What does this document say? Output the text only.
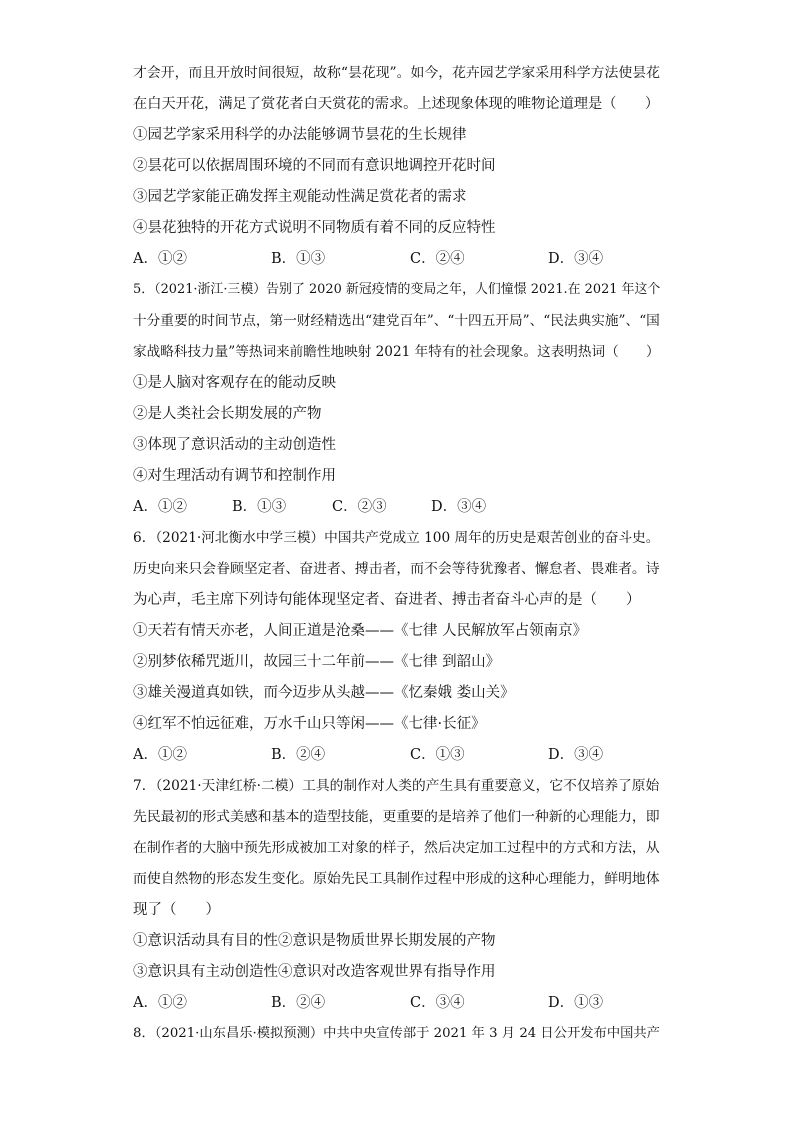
才会开，而且开放时间很短，故称“昙花现”。如今，花卉园艺学家采用科学方法使昙花
在白天开花，满足了赏花者白天赏花的需求。上述现象体现的唯物论道理是（　　）
①园艺学家采用科学的办法能够调节昙花的生长规律
②昙花可以依据周围环境的不同而有意识地调控开花时间
③园艺学家能正确发挥主观能动性满足赏花者的需求
④昙花独特的开花方式说明不同物质有着不同的反应特性
A．①②	B．①③	C．②④	D．③④
5．（2021·浙江·三模）告别了 2020 新冠疫情的变局之年，人们憧憬 2021.在 2021 年这个
十分重要的时间节点，第一财经精选出“建党百年”、“十四五开局”、“民法典实施”、“国
家战略科技力量”等热词来前瞻性地映射 2021 年特有的社会现象。这表明热词（　　）
①是人脑对客观存在的能动反映
②是人类社会长期发展的产物
③体现了意识活动的主动创造性
④对生理活动有调节和控制作用
A．①②	B．①③	C．②③	D．③④
6．（2021·河北衡水中学三模）中国共产党成立 100 周年的历史是艰苦创业的奋斗史。
历史向来只会眷顾坚定者、奋进者、搏击者，而不会等待犹豫者、懈怠者、畏难者。诗
为心声，毛主席下列诗句能体现坚定者、奋进者、搏击者奋斗心声的是（　　）
①天若有情天亦老，人间正道是沧桑——《七律 人民解放军占领南京》
②别梦依稀咒逝川，故园三十二年前——《七律 到韶山》
③雄关漫道真如铁，而今迈步从头越——《忆秦娥 娄山关》
④红军不怕远征难，万水千山只等闲——《七律·长征》
A．①②	B．②④	C．①③	D．③④
7．（2021·天津红桥·二模）工具的制作对人类的产生具有重要意义，它不仅培养了原始
先民最初的形式美感和基本的造型技能，更重要的是培养了他们一种新的心理能力，即
在制作者的大脑中预先形成被加工对象的样子，然后决定加工过程中的方式和方法，从
而使自然物的形态发生变化。原始先民工具制作过程中形成的这种心理能力，鲜明地体
现了（　　）
①意识活动具有目的性②意识是物质世界长期发展的产物
③意识具有主动创造性④意识对改造客观世界有指导作用
A．①②	B．②④	C．③④	D．①③
8．（2021·山东昌乐·模拟预测）中共中央宣传部于 2021 年 3 月 24 日公开发布中国共产
